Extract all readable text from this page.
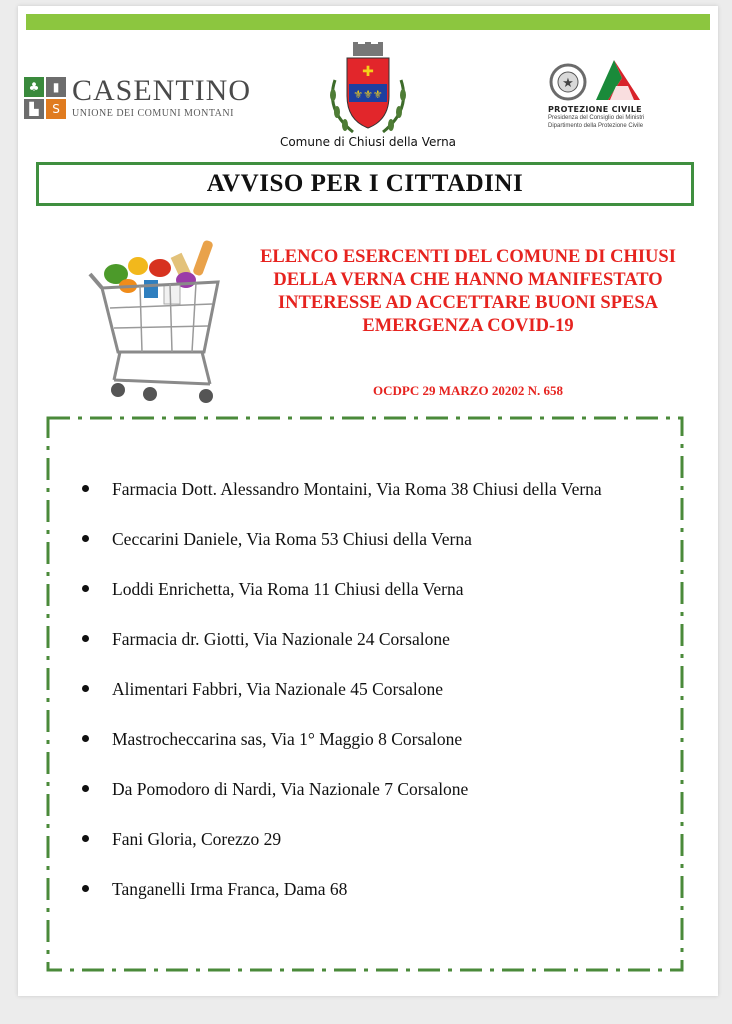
♣	▮
▙	S
CASENTINO
UNIONE DEI COMUNI MONTANI
✚
⚜⚜⚜
Comune di Chiusi della Verna
★
PROTEZIONE CIVILE
Presidenza del Consiglio dei Ministri
Dipartimento della Protezione Civile
AVVISO PER I CITTADINI
ELENCO ESERCENTI DEL COMUNE DI CHIUSI DELLA VERNA CHE HANNO MANIFESTATO INTERESSE AD ACCETTARE BUONI SPESA EMERGENZA COVID-19
OCDPC 29 MARZO 20202 N. 658
Farmacia Dott. Alessandro Montaini, Via Roma 38 Chiusi della Verna
Ceccarini Daniele, Via Roma 53 Chiusi della Verna
Loddi Enrichetta, Via Roma 11 Chiusi della Verna
Farmacia dr. Giotti, Via Nazionale 24 Corsalone
Alimentari Fabbri, Via Nazionale 45 Corsalone
Mastrocheccarina sas, Via 1° Maggio 8 Corsalone
Da Pomodoro di Nardi, Via Nazionale 7 Corsalone
Fani Gloria, Corezzo 29
Tanganelli Irma Franca, Dama 68
